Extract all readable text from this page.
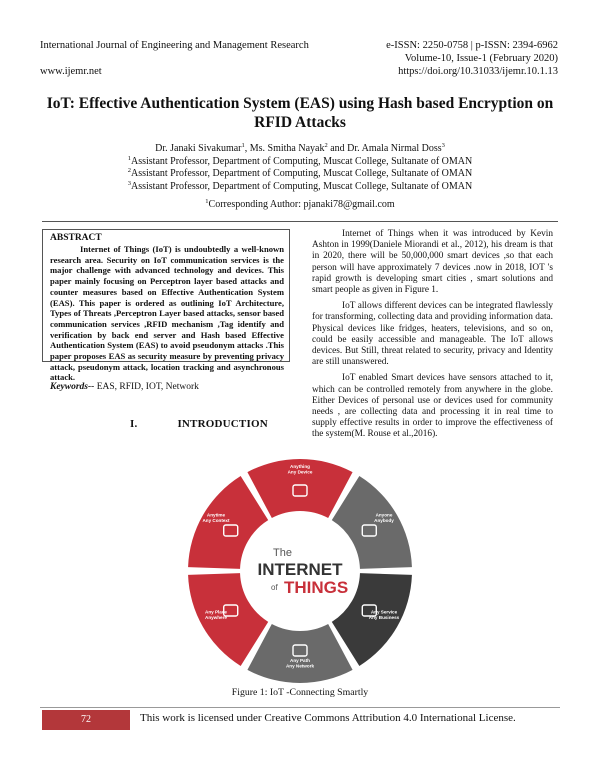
International Journal of Engineering and Management Research	e-ISSN: 2250-0758 | p-ISSN: 2394-6962
Volume-10, Issue-1 (February 2020)
www.ijemr.net	https://doi.org/10.31033/ijemr.10.1.13
IoT: Effective Authentication System (EAS) using Hash based Encryption on RFID Attacks
Dr. Janaki Sivakumar$^1$, Ms. Smitha Nayak$^2$ and Dr. Amala Nirmal Doss$^3$
$^1$Assistant Professor, Department of Computing, Muscat College, Sultanate of OMAN
$^2$Assistant Professor, Department of Computing, Muscat College, Sultanate of OMAN
$^3$Assistant Professor, Department of Computing, Muscat College, Sultanate of OMAN
$^1$Corresponding Author: pjanaki78@gmail.com
ABSTRACT
Internet of Things (IoT) is undoubtedly a well-known research area. Security on IoT communication services is the major challenge with advanced technology and devices. This paper mainly focusing on Perceptron layer based attacks and counter measures based on Effective Authentication System (EAS). This paper is ordered as outlining IoT Architecture, Types of Threats ,Perceptron Layer based attacks, sensor based communication services ,RFID mechanism ,Tag identify and verification by back end server and Hash based Effective Authentication System (EAS) to avoid pseudonym attacks .This paper proposes EAS as security measure by preventing privacy attack, pseudonym attack, location tracking and asynchronous attack.
Keywords-- EAS, RFID, IOT, Network
I.	INTRODUCTION

Internet of Things when it was introduced by Kevin Ashton in 1999(Daniele Miorandi et al., 2012), his dream is that in 2020, there will be 50,000,000 smart devices ,so that each person will have approximately 7 devices .now in 2018, IOT 's rapid growth is developing smart cities , smart solutions and smart people as given in Figure 1.

IoT allows different devices can be integrated flawlessly for transforming, collecting data and providing information data. Physical devices like fridges, heaters, televisions, and so on, could be easily accessible and manageable. The IoT allows devices. But Still, threat related to security, privacy and Identity are still unanswered.

IoT enabled Smart devices have sensors attached to it, which can be controlled remotely from anywhere in the globe. Either Devices of personal use or devices used for community needs , are collecting data and processing it in real time to supply effective results in order to improve the effectiveness of the system(M. Rouse et al.,2016).

Anything
Any Device
Anyone
Anybody
Any Service
Any Business
Any Path
Any Network
Any Place
Anywhere
Anytime
Any Context
The
INTERNET
of THINGS
Figure 1: IoT -Connecting Smartly
72	This work is licensed under Creative Commons Attribution 4.0 International License.
